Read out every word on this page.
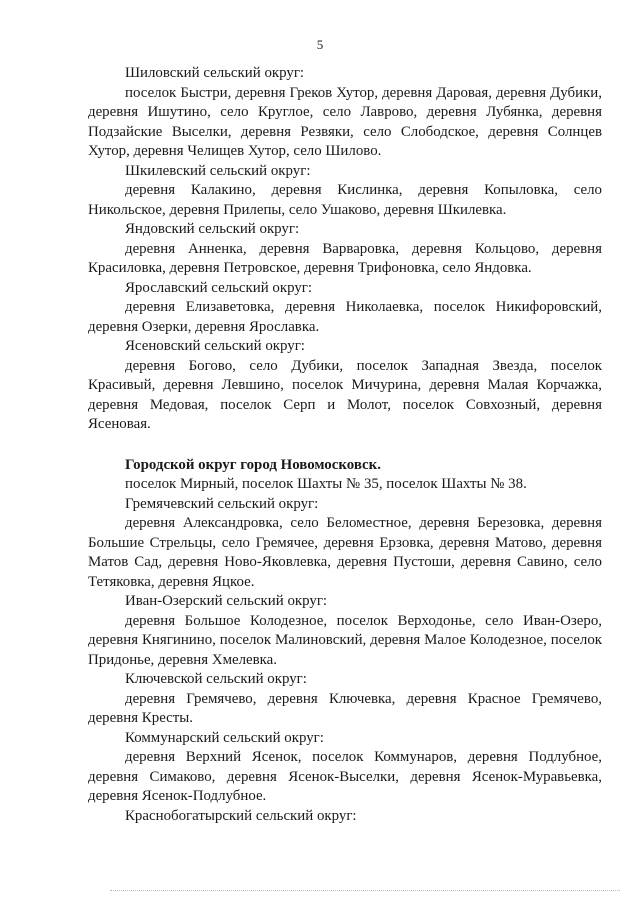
5

Шиловский сельский округ:

поселок Быстри, деревня Греков Хутор, деревня Даровая, деревня Дубики, деревня Ишутино, село Круглое, село Лаврово, деревня Лубянка, деревня Подзайские Выселки, деревня Резвяки, село Слободское, деревня Солнцев Хутор, деревня Челищев Хутор, село Шилово.

Шкилевский сельский округ:

деревня Калакино, деревня Кислинка, деревня Копыловка, село Никольское, деревня Прилепы, село Ушаково, деревня Шкилевка.

Яндовский сельский округ:

деревня Анненка, деревня Варваровка, деревня Кольцово, деревня Красиловка, деревня Петровское, деревня Трифоновка, село Яндовка.

Ярославский сельский округ:

деревня Елизаветовка, деревня Николаевка, поселок Никифоровский, деревня Озерки, деревня Ярославка.

Ясеновский сельский округ:

деревня Богово, село Дубики, поселок Западная Звезда, поселок Красивый, деревня Левшино, поселок Мичурина, деревня Малая Корчажка, деревня Медовая, поселок Серп и Молот, поселок Совхозный, деревня Ясеновая.

Городской округ город Новомосковск.

поселок Мирный, поселок Шахты № 35, поселок Шахты № 38.

Гремячевский сельский округ:

деревня Александровка, село Беломестное, деревня Березовка, деревня Большие Стрельцы, село Гремячее, деревня Ерзовка, деревня Матово, деревня Матов Сад, деревня Ново-Яковлевка, деревня Пустоши, деревня Савино, село Тетяковка, деревня Яцкое.

Иван-Озерский сельский округ:

деревня Большое Колодезное, поселок Верходонье, село Иван-Озеро, деревня Княгинино, поселок Малиновский, деревня Малое Колодезное, поселок Придонье, деревня Хмелевка.

Ключевской сельский округ:

деревня Гремячево, деревня Ключевка, деревня Красное Гремячево, деревня Кресты.

Коммунарский сельский округ:

деревня Верхний Ясенок, поселок Коммунаров, деревня Подлубное, деревня Симаково, деревня Ясенок-Выселки, деревня Ясенок-Муравьевка, деревня Ясенок-Подлубное.

Краснобогатырский сельский округ:
